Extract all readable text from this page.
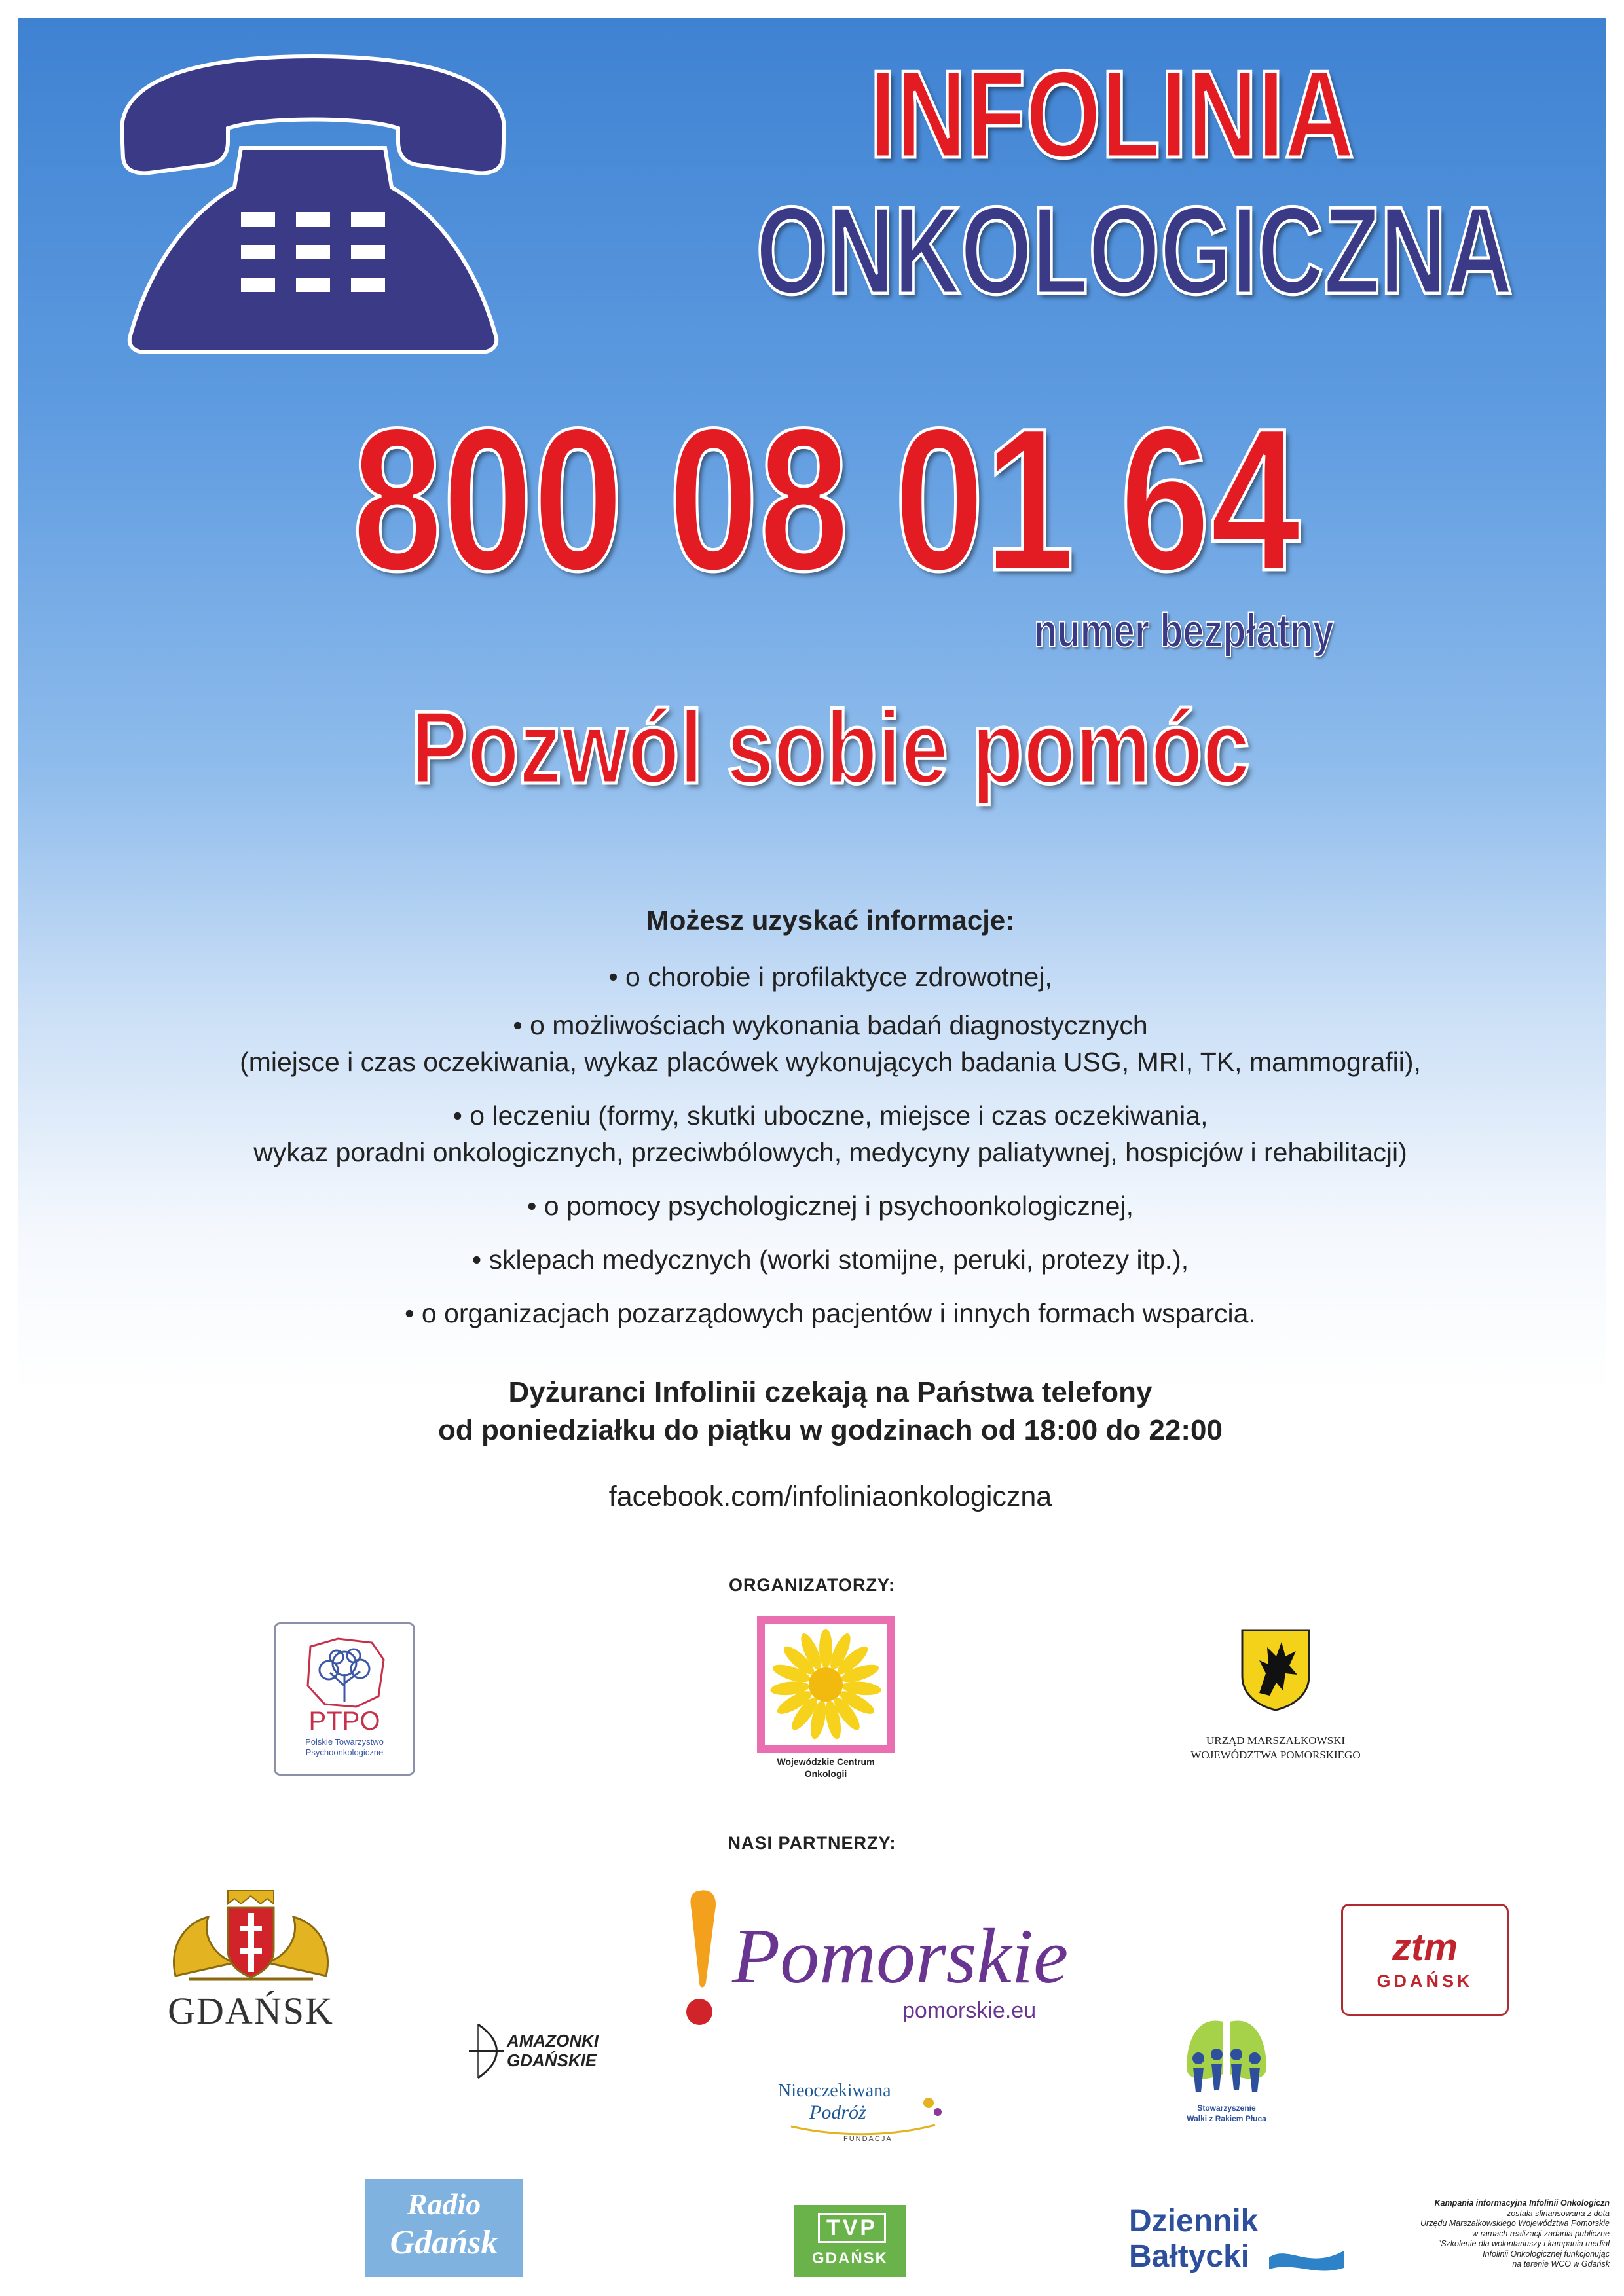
INFOLINIA
ONKOLOGICZNA
800 08 01 64
numer bezpłatny
Pozwól sobie pomóc
Możesz uzyskać informacje:
• o chorobie i profilaktyce zdrowotnej,
• o możliwościach wykonania badań diagnostycznych
(miejsce i czas oczekiwania, wykaz placówek wykonujących badania USG, MRI, TK, mammografii),
• o leczeniu (formy, skutki uboczne, miejsce i czas oczekiwania,
wykaz poradni onkologicznych, przeciwbólowych, medycyny paliatywnej, hospicjów i rehabilitacji)
• o pomocy psychologicznej i psychoonkologicznej,
• sklepach medycznych (worki stomijne, peruki, protezy itp.),
• o organizacjach pozarządowych pacjentów i innych formach wsparcia.
Dyżuranci Infolinii czekają na Państwa telefony
od poniedziałku do piątku w godzinach od 18:00 do 22:00
facebook.com/infoliniaonkologiczna
ORGANIZATORZY:
PTPO
Polskie Towarzystwo
Psychoonkologiczne
Wojewódzkie Centrum
Onkologii
URZĄD MARSZAŁKOWSKI
WOJEWÓDZTWA POMORSKIEGO
NASI PARTNERZY:
GDAŃSK
AMAZONKI
GDAŃSKIE
Pomorskie
pomorskie.eu
Nieoczekiwana
Podróż
FUNDACJA
ztm
GDAŃSK
Stowarzyszenie
Walki z Rakiem Płuca
Radio
Gdańsk	TVP
GDAŃSK
Dziennik
Bałtycki
Kampania informacyjna Infolinii Onkologiczn
została sfinansowana z dota
Urzędu Marszałkowskiego Województwa Pomorskie
w ramach realizacji zadania publiczne
"Szkolenie dla wolontariuszy i kampania medial
Infolinii Onkologicznej funkcjonując
na terenie WCO w Gdańsk
